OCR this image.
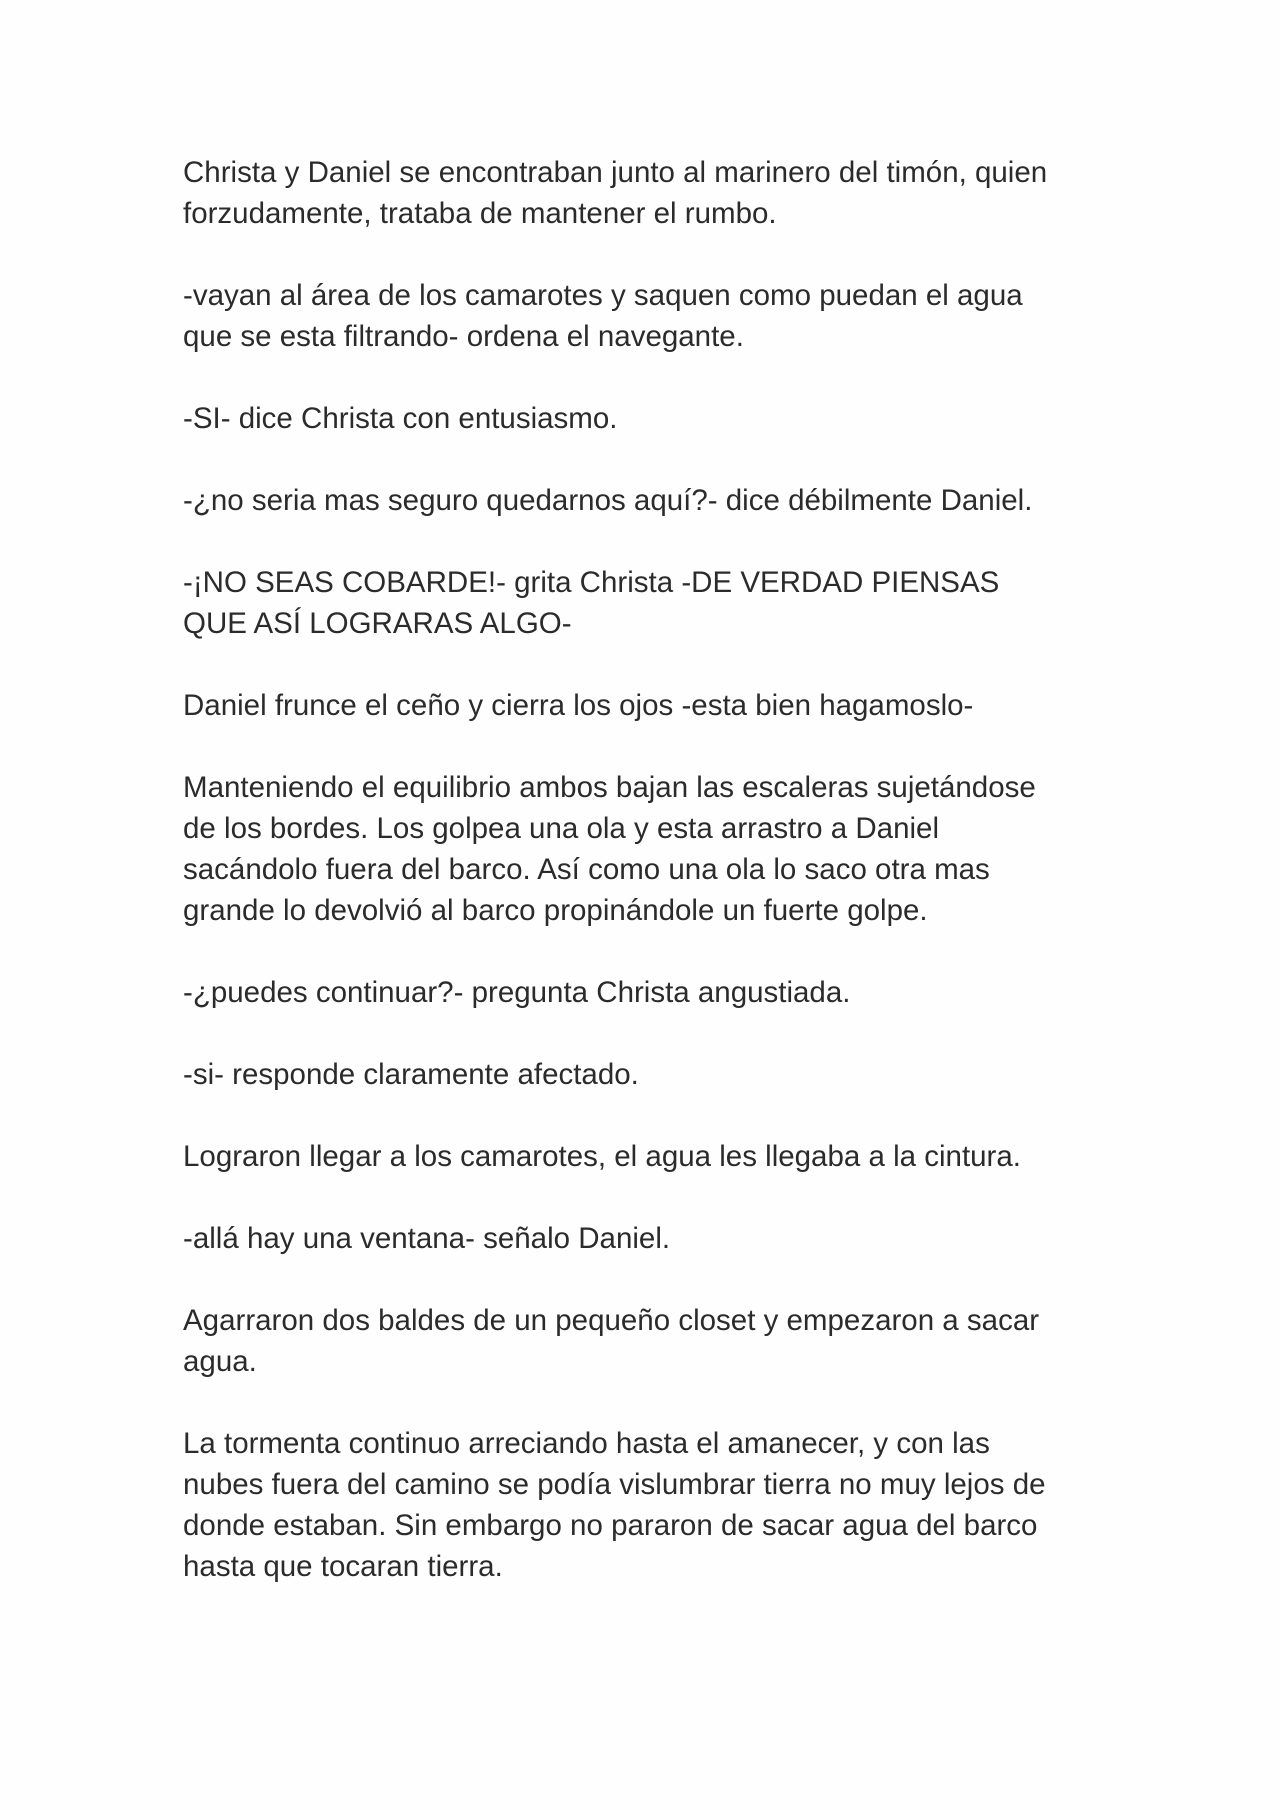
Christa y Daniel se encontraban junto al marinero del timón, quien
forzudamente, trataba de mantener el rumbo.

-vayan al área de los camarotes y saquen como puedan el agua
que se esta filtrando- ordena el navegante.

-SI- dice Christa con entusiasmo.

-¿no seria mas seguro quedarnos aquí?- dice débilmente Daniel.

-¡NO SEAS COBARDE!- grita Christa -DE VERDAD PIENSAS
QUE ASÍ LOGRARAS ALGO-

Daniel frunce el ceño y cierra los ojos -esta bien hagamoslo-

Manteniendo el equilibrio ambos bajan las escaleras sujetándose
de los bordes. Los golpea una ola y esta arrastro a Daniel
sacándolo fuera del barco. Así como una ola lo saco otra mas
grande lo devolvió al barco propinándole un fuerte golpe.

-¿puedes continuar?- pregunta Christa angustiada.

-si- responde claramente afectado.

Lograron llegar a los camarotes, el agua les llegaba a la cintura.

-allá hay una ventana- señalo Daniel.

Agarraron dos baldes de un pequeño closet y empezaron a sacar
agua.

La tormenta continuo arreciando hasta el amanecer, y con las
nubes fuera del camino se podía vislumbrar tierra no muy lejos de
donde estaban. Sin embargo no pararon de sacar agua del barco
hasta que tocaran tierra.
